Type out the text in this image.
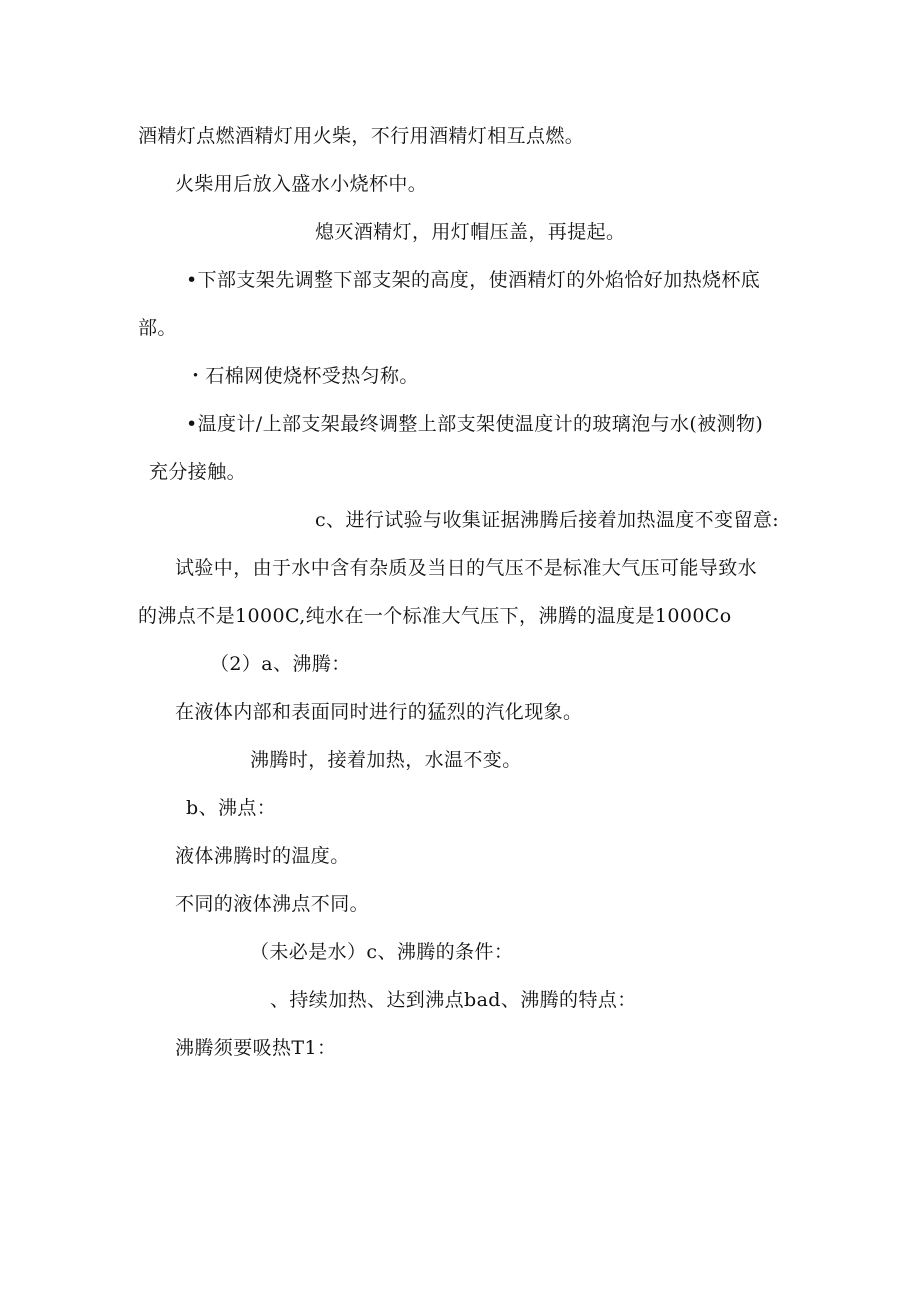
酒精灯点燃酒精灯用火柴，不行用酒精灯相互点燃。
火柴用后放入盛水小烧杯中。
熄灭酒精灯，用灯帽压盖，再提起。
•下部支架先调整下部支架的高度，使酒精灯的外焰恰好加热烧杯底
部。
・石棉网使烧杯受热匀称。
•温度计/上部支架最终调整上部支架使温度计的玻璃泡与水(被测物)
充分接触。
c、进行试验与收集证据沸腾后接着加热温度不变留意:
试验中，由于水中含有杂质及当日的气压不是标准大气压可能导致水
的沸点不是1000C,纯水在一个标准大气压下，沸腾的温度是1000Co
（2）a、沸腾：
在液体内部和表面同时进行的猛烈的汽化现象。
沸腾时，接着加热，水温不变。
b、沸点：
液体沸腾时的温度。
不同的液体沸点不同。
（未必是水）c、沸腾的条件：
、持续加热、达到沸点bad、沸腾的特点：
沸腾须要吸热T1：
